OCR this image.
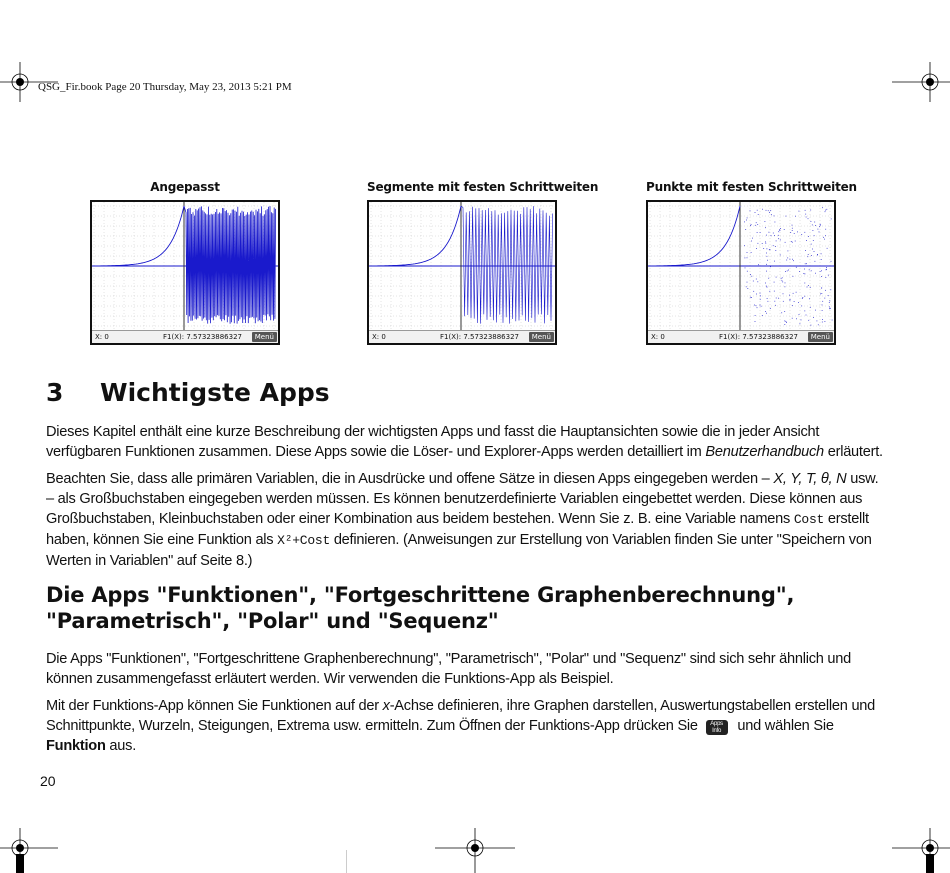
QSG_Fir.book Page 20 Thursday, May 23, 2013 5:21 PM
Angepasst
X: 0	F1(X): 7.57323886327	Menü
Segmente mit festen Schrittweiten
X: 0	F1(X): 7.57323886327	Menü
Punkte mit festen Schrittweiten
X: 0	F1(X): 7.57323886327	Menü
3 Wichtigste Apps
Dieses Kapitel enthält eine kurze Beschreibung der wichtigsten Apps und fasst die Hauptansichten sowie die in jeder Ansicht verfügbaren Funktionen zusammen. Diese Apps sowie die Löser- und Explorer-Apps werden detailliert im Benutzerhandbuch erläutert.
Beachten Sie, dass alle primären Variablen, die in Ausdrücke und offene Sätze in diesen Apps eingegeben werden – X, Y, T, θ, N usw. – als Großbuchstaben eingegeben werden müssen. Es können benutzerdefinierte Variablen eingebettet werden. Diese können aus Großbuchstaben, Kleinbuchstaben oder einer Kombination aus beidem bestehen. Wenn Sie z. B. eine Variable namens Cost erstellt haben, können Sie eine Funktion als X²+Cost definieren. (Anweisungen zur Erstellung von Variablen finden Sie unter "Speichern von Werten in Variablen" auf Seite 8.)
Die Apps "Funktionen", "Fortgeschrittene Graphenberechnung", "Parametrisch", "Polar" und "Sequenz"
Die Apps "Funktionen", "Fortgeschrittene Graphenberechnung", "Parametrisch", "Polar" und "Sequenz" sind sich sehr ähnlich und können zusammengefasst erläutert werden. Wir verwenden die Funktions-App als Beispiel.
Mit der Funktions-App können Sie Funktionen auf der x-Achse definieren, ihre Graphen darstellen, Auswertungstabellen erstellen und Schnittpunkte, Wurzeln, Steigungen, Extrema usw. ermitteln. Zum Öffnen der Funktions-App drücken Sie Apps
Info und wählen Sie Funktion aus.
20
